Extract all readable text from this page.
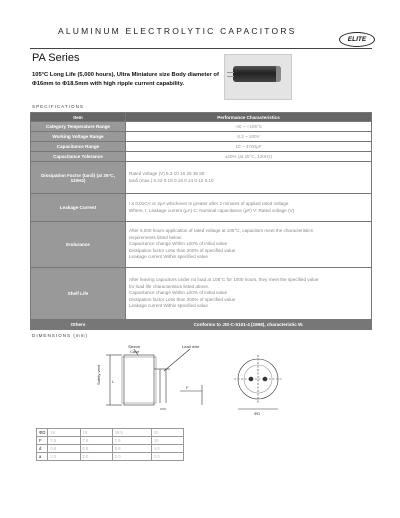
ALUMINUM ELECTROLYTIC CAPACITORS
ELITE
PA Series
105°C Long Life (5,000 hours), Ultra Miniature size Body diameter of Φ16mm to Φ18.5mm with high ripple current capability.
SPECIFICATIONS
Item	Performance Characteristics
Category Temperature Range	-40 ~ +105°C
Working Voltage Range	6.3 ~ 100V
Capacitance Range	10 ~ 4700μF
Capacitance Tolerance	±20% (at 25°C, 120Hz)
Dissipation Factor (tanδ) (at 25°C, 120Hz)	Rated voltage (V) 6.3 10 16 25 35 50
tanδ (max.) 0.22 0.19 0.16 0.14 0.12 0.10

Leakage Current	I ≤ 0.01CV or 3μA whichever is greater after 2 minutes of applied rated voltage
Where, I: Leakage current (μA) C: Nominal capacitance (μF) V: Rated voltage (V)

Endurance	After 5,000 hours application of rated voltage at 105°C, capacitors meet the characteristics
requirements listed below.
Capacitance change Within ±20% of initial value
Dissipation factor Less than 200% of specified value
Leakage current Within specified value

Shelf Life	After leaving capacitors under no load at 105°C for 1000 hours, they meet the specified value
for load life characteristics listed above.
Capacitance change Within ±20% of initial value
Dissipation factor Less than 200% of specified value
Leakage current Within specified value

Others	Conforms to JIS-C-5101-4 (1998), characteristic W.
DIMENSIONS (mm)
Sleeve
Case
Safety vent
Lead wire
L
F
ΦD
ΦD	16	18	18.5	20
F	7.5	7.5	7.5	10
d	0.8	0.8	0.8	1.0
a	2.0	2.0	2.0	2.0
